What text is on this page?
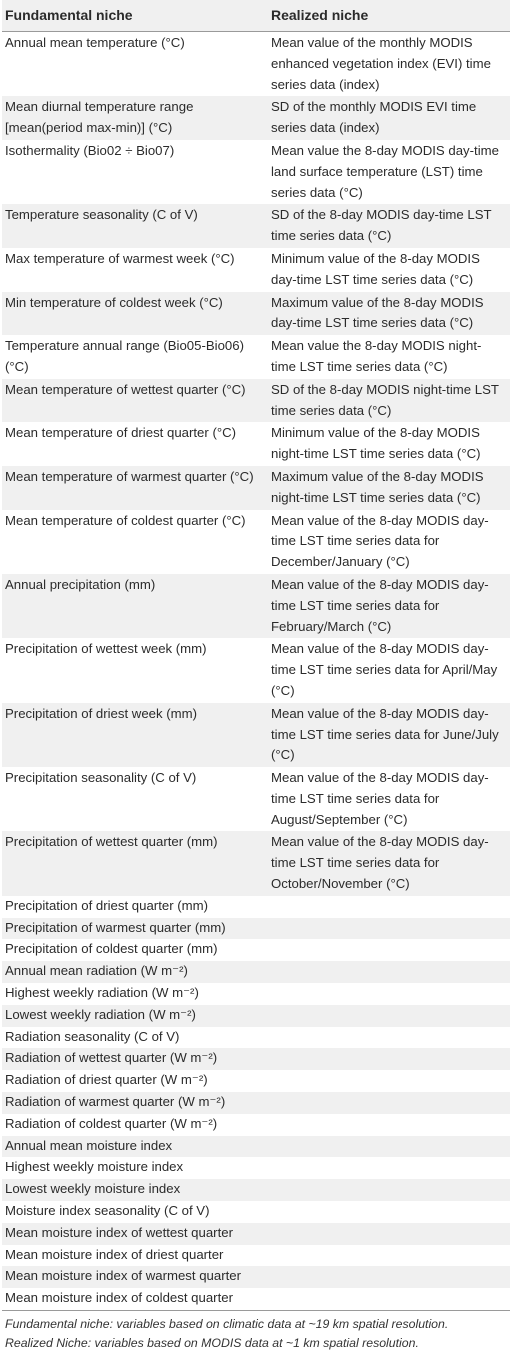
Fundamental niche	Realized niche
Annual mean temperature (°C)	Mean value of the monthly MODIS enhanced vegetation index (EVI) time series data (index)
Mean diurnal temperature range [mean(period max-min)] (°C)	SD of the monthly MODIS EVI time series data (index)
Isothermality (Bio02 ÷ Bio07)	Mean value the 8-day MODIS day-time land surface temperature (LST) time series data (°C)
Temperature seasonality (C of V)	SD of the 8-day MODIS day-time LST time series data (°C)
Max temperature of warmest week (°C)	Minimum value of the 8-day MODIS day-time LST time series data (°C)
Min temperature of coldest week (°C)	Maximum value of the 8-day MODIS day-time LST time series data (°C)
Temperature annual range (Bio05-Bio06) (°C)	Mean value the 8-day MODIS night-time LST time series data (°C)
Mean temperature of wettest quarter (°C)	SD of the 8-day MODIS night-time LST time series data (°C)
Mean temperature of driest quarter (°C)	Minimum value of the 8-day MODIS night-time LST time series data (°C)
Mean temperature of warmest quarter (°C)	Maximum value of the 8-day MODIS night-time LST time series data (°C)
Mean temperature of coldest quarter (°C)	Mean value of the 8-day MODIS day-time LST time series data for December/January (°C)
Annual precipitation (mm)	Mean value of the 8-day MODIS day-time LST time series data for February/March (°C)
Precipitation of wettest week (mm)	Mean value of the 8-day MODIS day-time LST time series data for April/May (°C)
Precipitation of driest week (mm)	Mean value of the 8-day MODIS day-time LST time series data for June/July (°C)
Precipitation seasonality (C of V)	Mean value of the 8-day MODIS day-time LST time series data for August/September (°C)
Precipitation of wettest quarter (mm)	Mean value of the 8-day MODIS day-time LST time series data for October/November (°C)
Precipitation of driest quarter (mm)	
Precipitation of warmest quarter (mm)	
Precipitation of coldest quarter (mm)	
Annual mean radiation (W m⁻²)	
Highest weekly radiation (W m⁻²)	
Lowest weekly radiation (W m⁻²)	
Radiation seasonality (C of V)	
Radiation of wettest quarter (W m⁻²)	
Radiation of driest quarter (W m⁻²)	
Radiation of warmest quarter (W m⁻²)	
Radiation of coldest quarter (W m⁻²)	
Annual mean moisture index	
Highest weekly moisture index	
Lowest weekly moisture index	
Moisture index seasonality (C of V)	
Mean moisture index of wettest quarter	
Mean moisture index of driest quarter	
Mean moisture index of warmest quarter	
Mean moisture index of coldest quarter	
Fundamental niche: variables based on climatic data at ~19 km spatial resolution.
Realized Niche: variables based on MODIS data at ~1 km spatial resolution.
